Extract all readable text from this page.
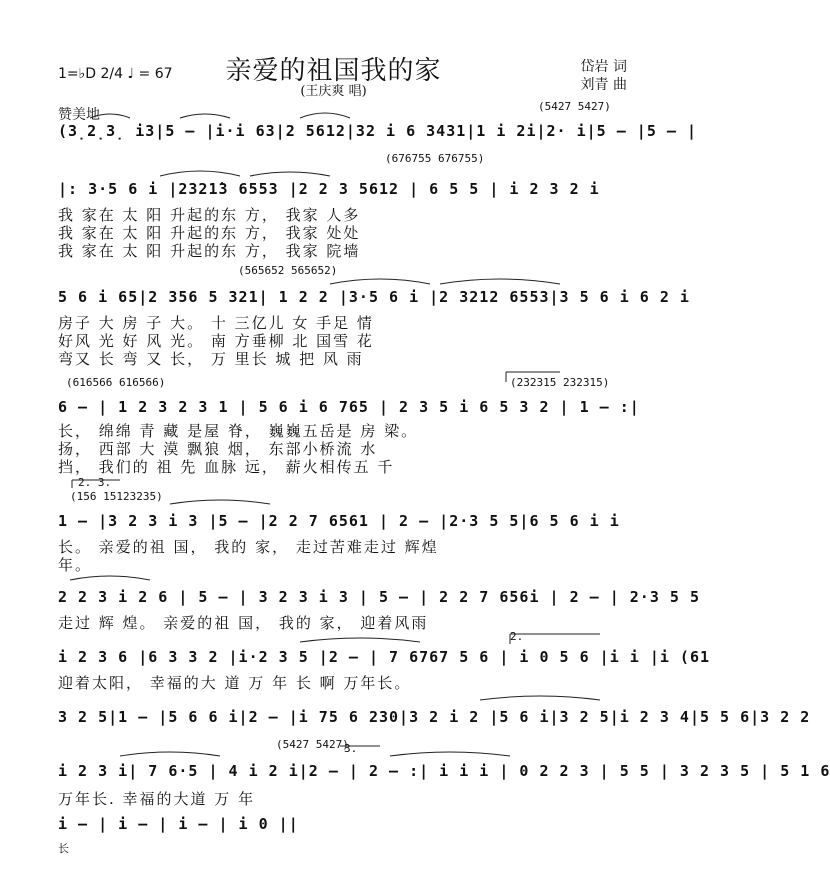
亲爱的祖国我的家
(王庆爽 唱)
岱岩 词
刘青 曲
1=♭D 2/4 ♩ = 67
赞美地
(5427 5427)
(3̣2̣3̣ i3|5 – |i·i 63|2 5612|32 i 6 3431|1 i 2i|2· i|5 – |5 – |
(676755 676755)
|: 3·5 6 i |2321̇3 6553 |2 2 3 5612 | 6 5 5 | i 2 3 2 i
我 家在 太 阳 升起的东 方， 我家 人多
我 家在 太 阳 升起的东 方， 我家 处处
我 家在 太 阳 升起的东 方， 我家 院墙
(565652 565652)
5 6 i 65|2 356 5 321| 1 2 2 |3·5 6 i |2 3212 6553|3 5 6 i 6 2 i
房子 大 房 子 大。 十 三亿儿 女 手足 情
好风 光 好 风 光。 南 方垂柳 北 国雪 花
弯又 长 弯 又 长， 万 里长 城 把 风 雨
(616566 616566)	(232315 232315)
6 – | 1 2 3 2 3 1 | 5 6 i 6 765 | 2 3 5 i 6 5 3 2 | 1 – :|
长， 绵绵 青 藏 是屋 脊， 巍巍五岳是 房 梁。
扬， 西部 大 漠 飘狼 烟， 东部小桥流 水
挡， 我们的 祖 先 血脉 远， 薪火相传五 千
2. 3.
(156 15123235)
1 – |3 2 3 i 3 |5 – |2 2 7 6561 | 2 – |2·3 5 5|6 5 6 i i
长。 亲爱的祖 国， 我的 家， 走过苦难走过 辉煌
年。
2 2 3 i 2 6 | 5 – | 3 2 3 i 3 | 5 – | 2 2 7 656i | 2 – | 2·3 5 5
走过 辉 煌。 亲爱的祖 国， 我的 家， 迎着风雨
2.
i 2 3 6 |6 3 3 2 |i·2 3 5 |2 – | 7 6767 5 6 | i 0 5 6 |i i |i (61
迎着太阳， 幸福的大 道 万 年 长 啊 万年长。
3 2 5|1 – |5 6 6 i|2 – |i 75 6 230|3 2 i 2 |5 6 i|3 2 5|i 2 3 4|5 5 6|3 2 2
(5427 5427)
3.
i 2 3 i| 7 6·5 | 4 i 2 i|2 – | 2 – :| i i i | 0 2 2 3 | 5 5 | 3 2 3 5 | 5 1 6
万年长. 幸福的大道 万 年
i – | i – | i – | i 0 ||
长
